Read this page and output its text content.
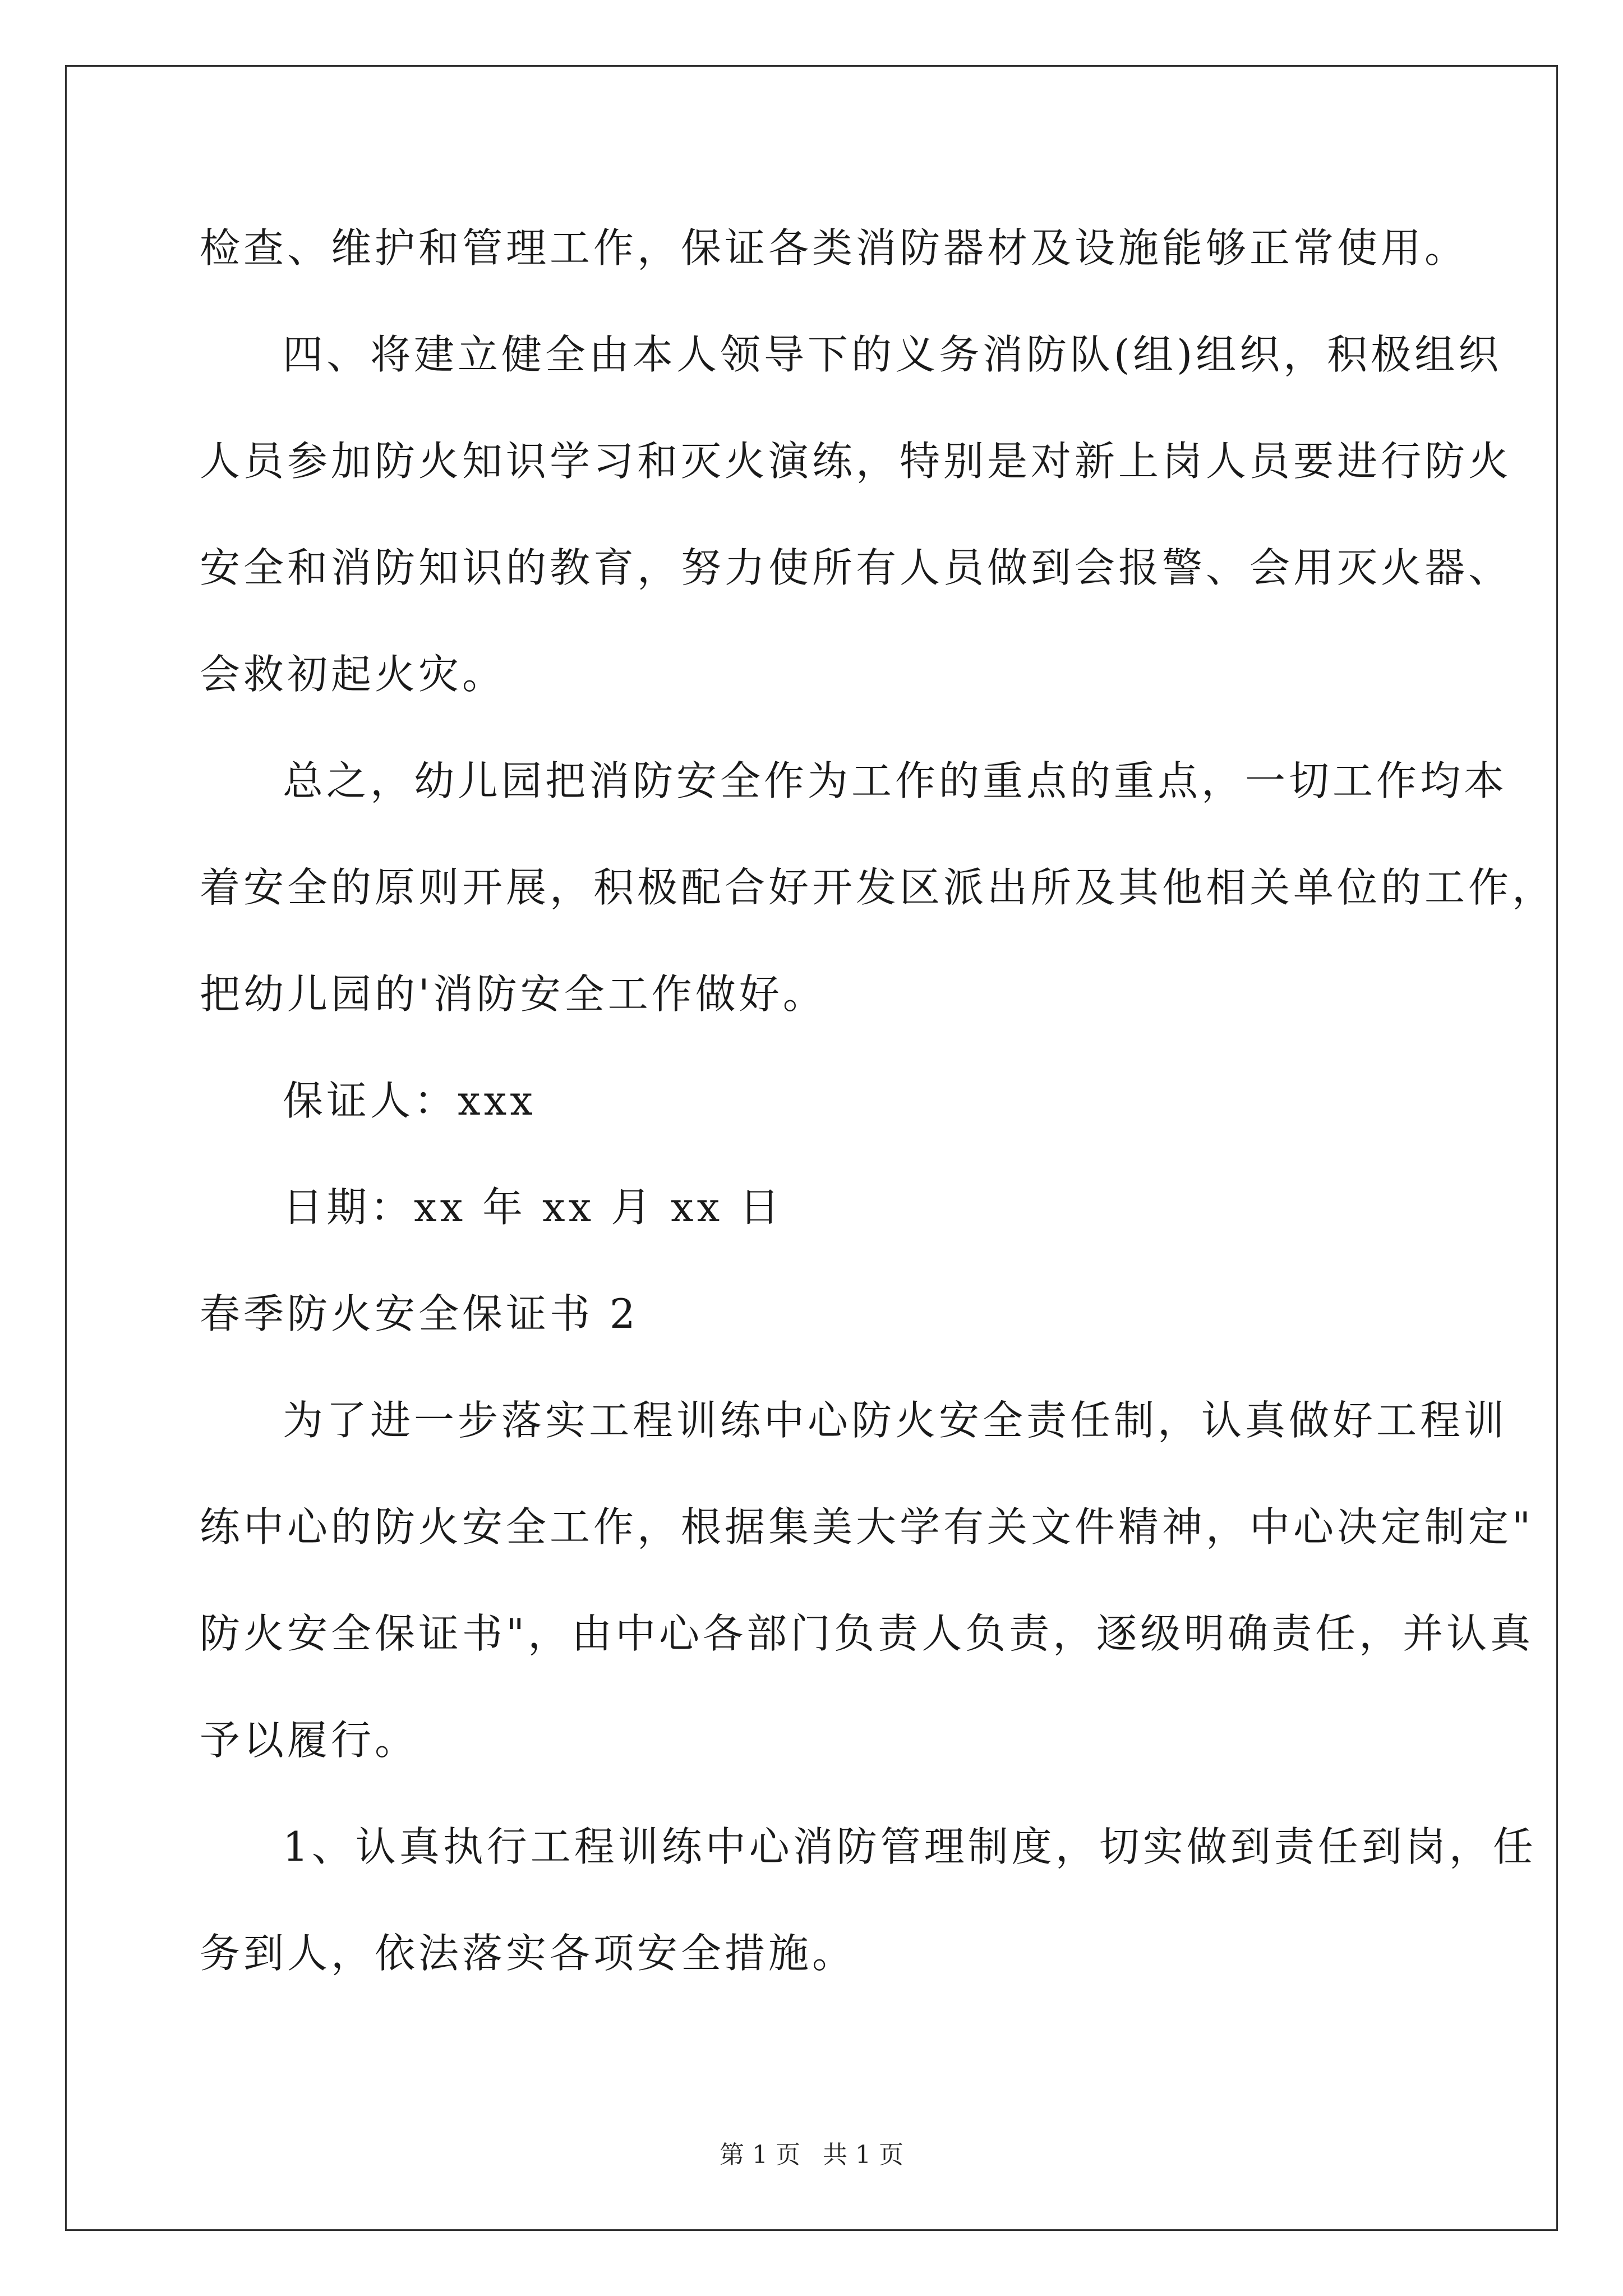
检查、维护和管理工作，保证各类消防器材及设施能够正常使用。
四、将建立健全由本人领导下的义务消防队(组)组织，积极组织
人员参加防火知识学习和灭火演练，特别是对新上岗人员要进行防火
安全和消防知识的教育，努力使所有人员做到会报警、会用灭火器、
会救初起火灾。
总之，幼儿园把消防安全作为工作的重点的重点，一切工作均本
着安全的原则开展，积极配合好开发区派出所及其他相关单位的工作，
把幼儿园的'消防安全工作做好。
保证人：xxx
日期：xx 年 xx 月 xx 日
春季防火安全保证书 2
为了进一步落实工程训练中心防火安全责任制，认真做好工程训
练中心的防火安全工作，根据集美大学有关文件精神，中心决定制定"
防火安全保证书"，由中心各部门负责人负责，逐级明确责任，并认真
予以履行。
1、认真执行工程训练中心消防管理制度，切实做到责任到岗，任
务到人，依法落实各项安全措施。
第 1 页 共 1 页
